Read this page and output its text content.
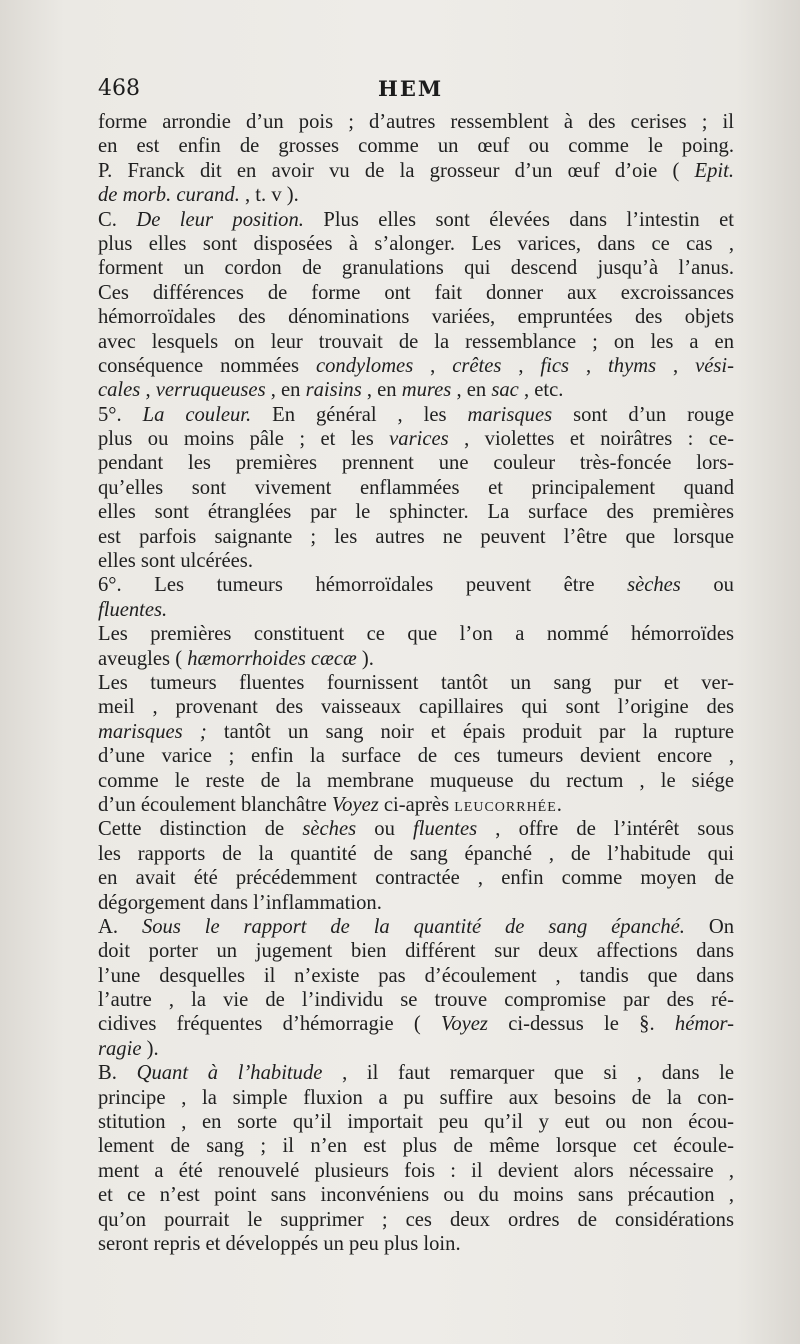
468	HEM
forme arrondie d’un pois ; d’autres ressemblent à des cerises ; il
en est enfin de grosses comme un œuf ou comme le poing.
P. Franck dit en avoir vu de la grosseur d’un œuf d’oie ( Epit.
de morb. curand. , t. v ).
C. De leur position. Plus elles sont élevées dans l’intestin et
plus elles sont disposées à s’alonger. Les varices, dans ce cas ,
forment un cordon de granulations qui descend jusqu’à l’anus.
Ces différences de forme ont fait donner aux excroissances
hémorroïdales des dénominations variées, empruntées des objets
avec lesquels on leur trouvait de la ressemblance ; on les a en
conséquence nommées condylomes , crêtes , fics , thyms , vési-
cales , verruqueuses , en raisins , en mures , en sac , etc.
5°. La couleur. En général , les marisques sont d’un rouge
plus ou moins pâle ; et les varices , violettes et noirâtres : ce-
pendant les premières prennent une couleur très-foncée lors-
qu’elles sont vivement enflammées et principalement quand
elles sont étranglées par le sphincter. La surface des premières
est parfois saignante ; les autres ne peuvent l’être que lorsque
elles sont ulcérées.
6°. Les tumeurs hémorroïdales peuvent être sèches ou
fluentes.
Les premières constituent ce que l’on a nommé hémorroïdes
aveugles ( hæmorrhoides cæcæ ).
Les tumeurs fluentes fournissent tantôt un sang pur et ver-
meil , provenant des vaisseaux capillaires qui sont l’origine des
marisques ; tantôt un sang noir et épais produit par la rupture
d’une varice ; enfin la surface de ces tumeurs devient encore ,
comme le reste de la membrane muqueuse du rectum , le siége
d’un écoulement blanchâtre Voyez ci-après leucorrhée.
Cette distinction de sèches ou fluentes , offre de l’intérêt sous
les rapports de la quantité de sang épanché , de l’habitude qui
en avait été précédemment contractée , enfin comme moyen de
dégorgement dans l’inflammation.
A. Sous le rapport de la quantité de sang épanché. On
doit porter un jugement bien différent sur deux affections dans
l’une desquelles il n’existe pas d’écoulement , tandis que dans
l’autre , la vie de l’individu se trouve compromise par des ré-
cidives fréquentes d’hémorragie ( Voyez ci-dessus le §. hémor-
ragie ).
B. Quant à l’habitude , il faut remarquer que si , dans le
principe , la simple fluxion a pu suffire aux besoins de la con-
stitution , en sorte qu’il importait peu qu’il y eut ou non écou-
lement de sang ; il n’en est plus de même lorsque cet écoule-
ment a été renouvelé plusieurs fois : il devient alors nécessaire ,
et ce n’est point sans inconvéniens ou du moins sans précaution ,
qu’on pourrait le supprimer ; ces deux ordres de considérations
seront repris et développés un peu plus loin.
